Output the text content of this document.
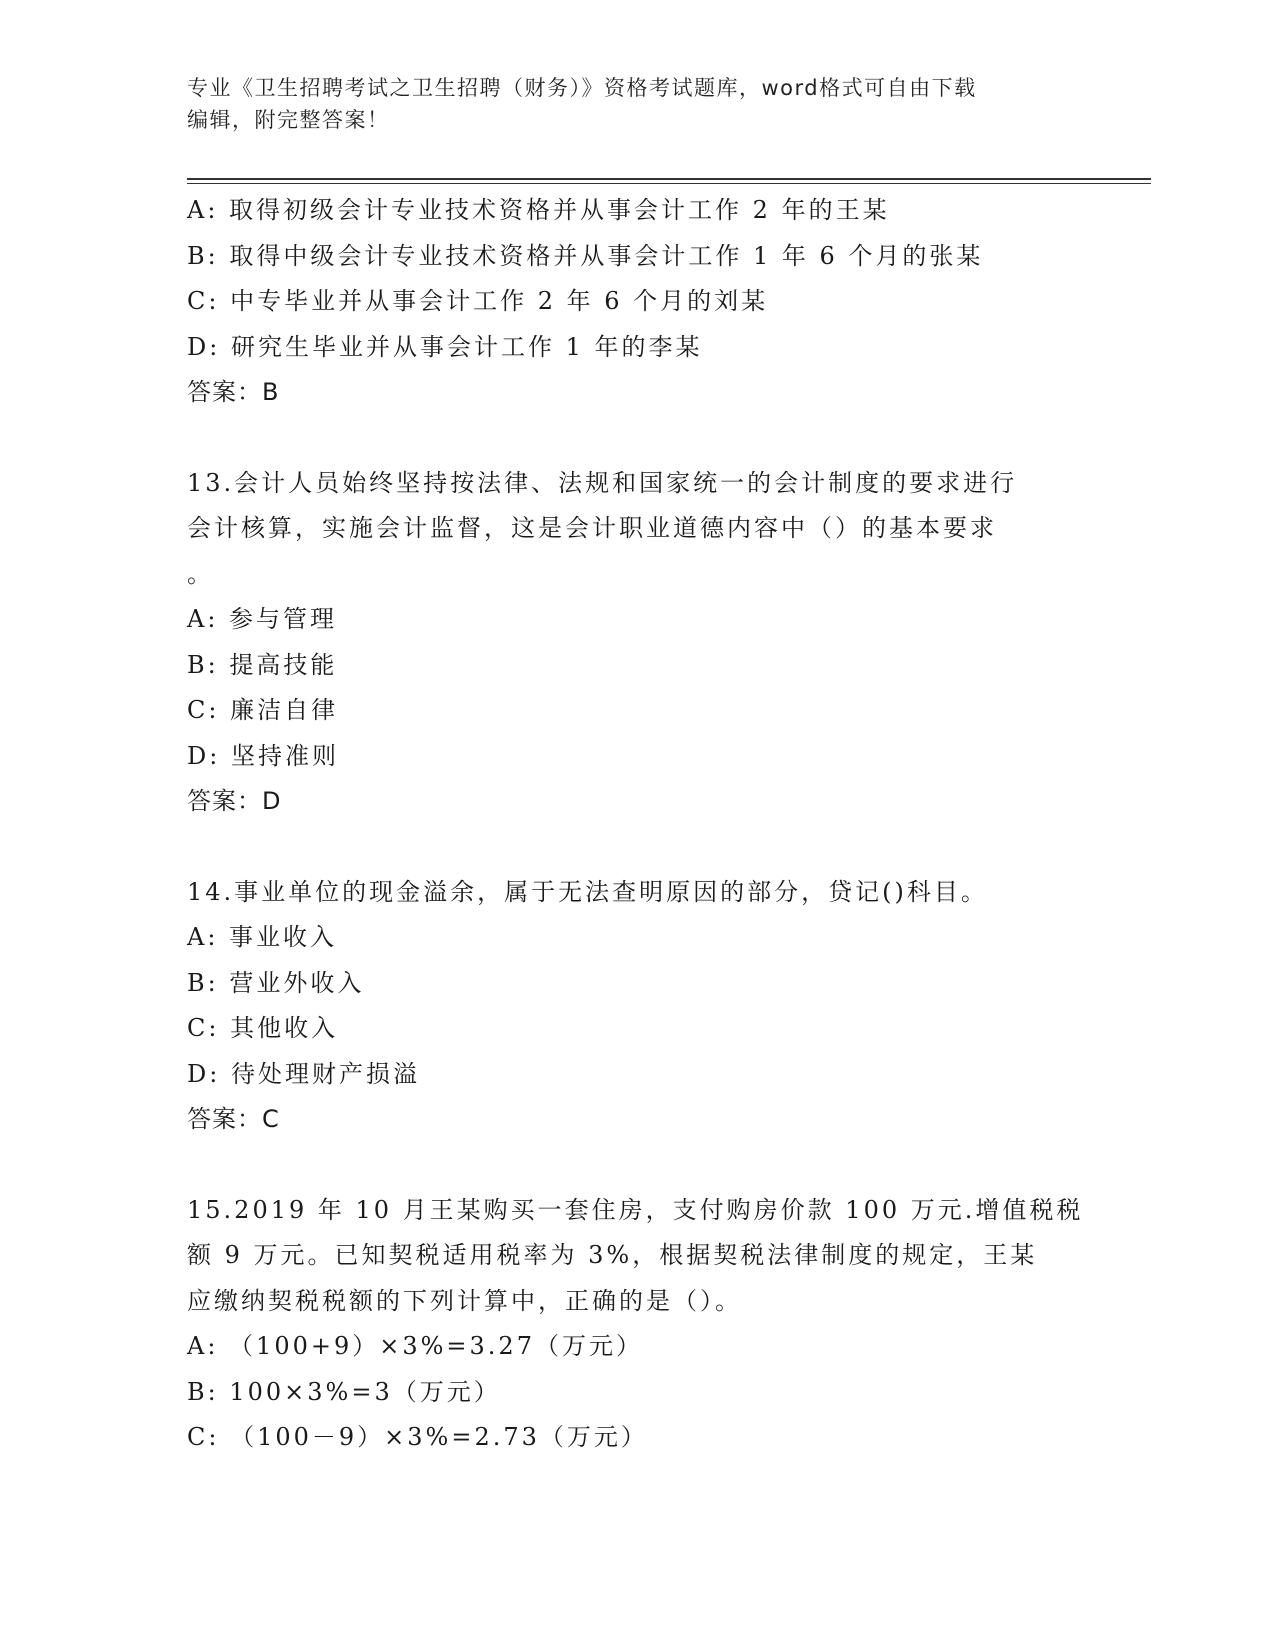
专业《卫生招聘考试之卫生招聘（财务）》资格考试题库，word格式可自由下载
编辑，附完整答案！
A: 取得初级会计专业技术资格并从事会计工作 2 年的王某
B: 取得中级会计专业技术资格并从事会计工作 1 年 6 个月的张某
C: 中专毕业并从事会计工作 2 年 6 个月的刘某
D: 研究生毕业并从事会计工作 1 年的李某
答案：B
13.会计人员始终坚持按法律、法规和国家统一的会计制度的要求进行
会计核算，实施会计监督，这是会计职业道德内容中（）的基本要求
。
A: 参与管理
B: 提高技能
C: 廉洁自律
D: 坚持准则
答案：D
14.事业单位的现金溢余，属于无法查明原因的部分，贷记()科目。
A: 事业收入
B: 营业外收入
C: 其他收入
D: 待处理财产损溢
答案：C
15.2019 年 10 月王某购买一套住房，支付购房价款 100 万元.增值税税
额 9 万元。已知契税适用税率为 3%，根据契税法律制度的规定，王某
应缴纳契税税额的下列计算中，正确的是（）。
A: （100+9）×3%=3.27（万元）
B: 100×3%=3（万元）
C: （100－9）×3%=2.73（万元）
